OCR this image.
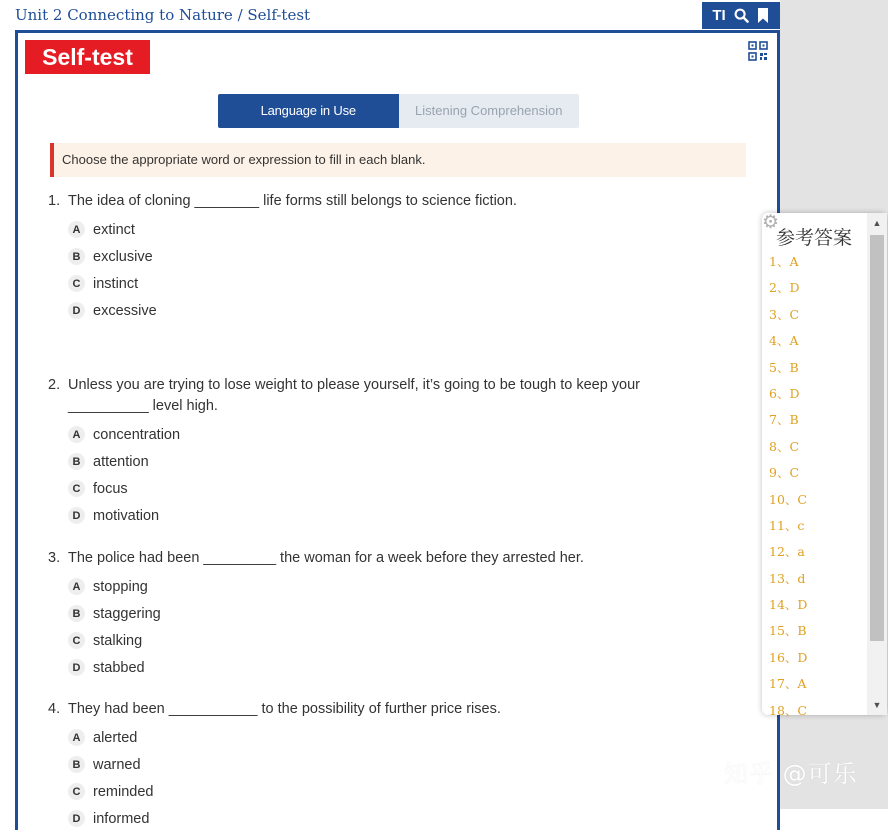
Unit 2 Connecting to Nature / Self-test	TI
Self-test
Language in Use	Listening Comprehension
Choose the appropriate word or expression to fill in each blank.
1. The idea of cloning ________ life forms still belongs to science fiction.
A extinct
B exclusive
C instinct
D excessive
2. Unless you are trying to lose weight to please yourself, it’s going to be tough to keep your __________ level high.
A concentration
B attention
C focus
D motivation
3. The police had been _________ the woman for a week before they arrested her.
A stopping
B staggering
C stalking
D stabbed
4. They had been ___________ to the possibility of further price rises.
A alerted
B warned
C reminded
D informed
⚙
参考答案
1、A
2、D
3、C
4、A
5、B
6、D
7、B
8、C
9、C
10、C
11、c
12、a
13、d
14、D
15、B
16、D
17、A
18、C
▲
▼
知乎 @可乐
